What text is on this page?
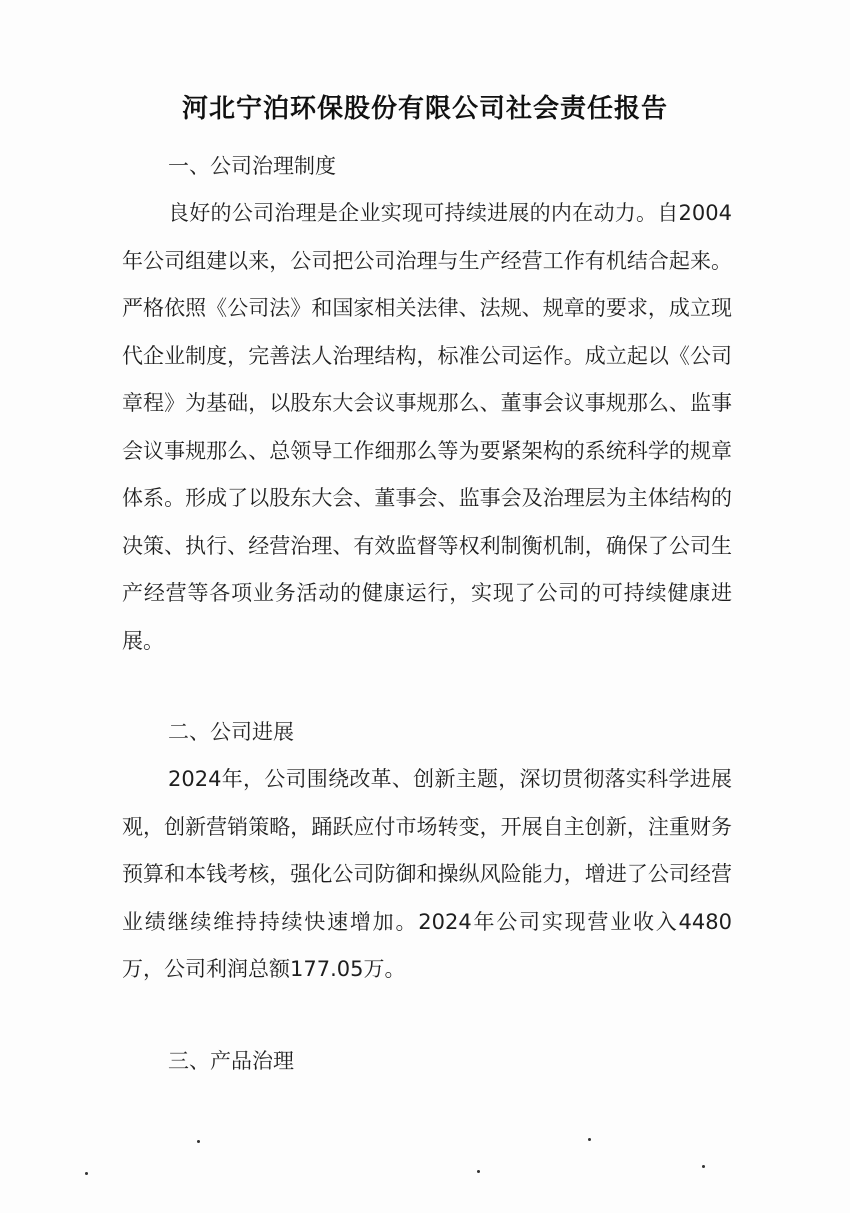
河北宁泊环保股份有限公司社会责任报告
一、公司治理制度
良好的公司治理是企业实现可持续进展的内在动力。自2004年公司组建以来，公司把公司治理与生产经营工作有机结合起来。严格依照《公司法》和国家相关法律、法规、规章的要求，成立现代企业制度，完善法人治理结构，标准公司运作。成立起以《公司章程》为基础，以股东大会议事规那么、董事会议事规那么、监事会议事规那么、总领导工作细那么等为要紧架构的系统科学的规章体系。形成了以股东大会、董事会、监事会及治理层为主体结构的决策、执行、经营治理、有效监督等权利制衡机制，确保了公司生产经营等各项业务活动的健康运行，实现了公司的可持续健康进展。
二、公司进展
2024年，公司围绕改革、创新主题，深切贯彻落实科学进展观，创新营销策略，踊跃应付市场转变，开展自主创新，注重财务预算和本钱考核，强化公司防御和操纵风险能力，增进了公司经营业绩继续维持持续快速增加。2024年公司实现营业收入4480万，公司利润总额177.05万。
三、产品治理
